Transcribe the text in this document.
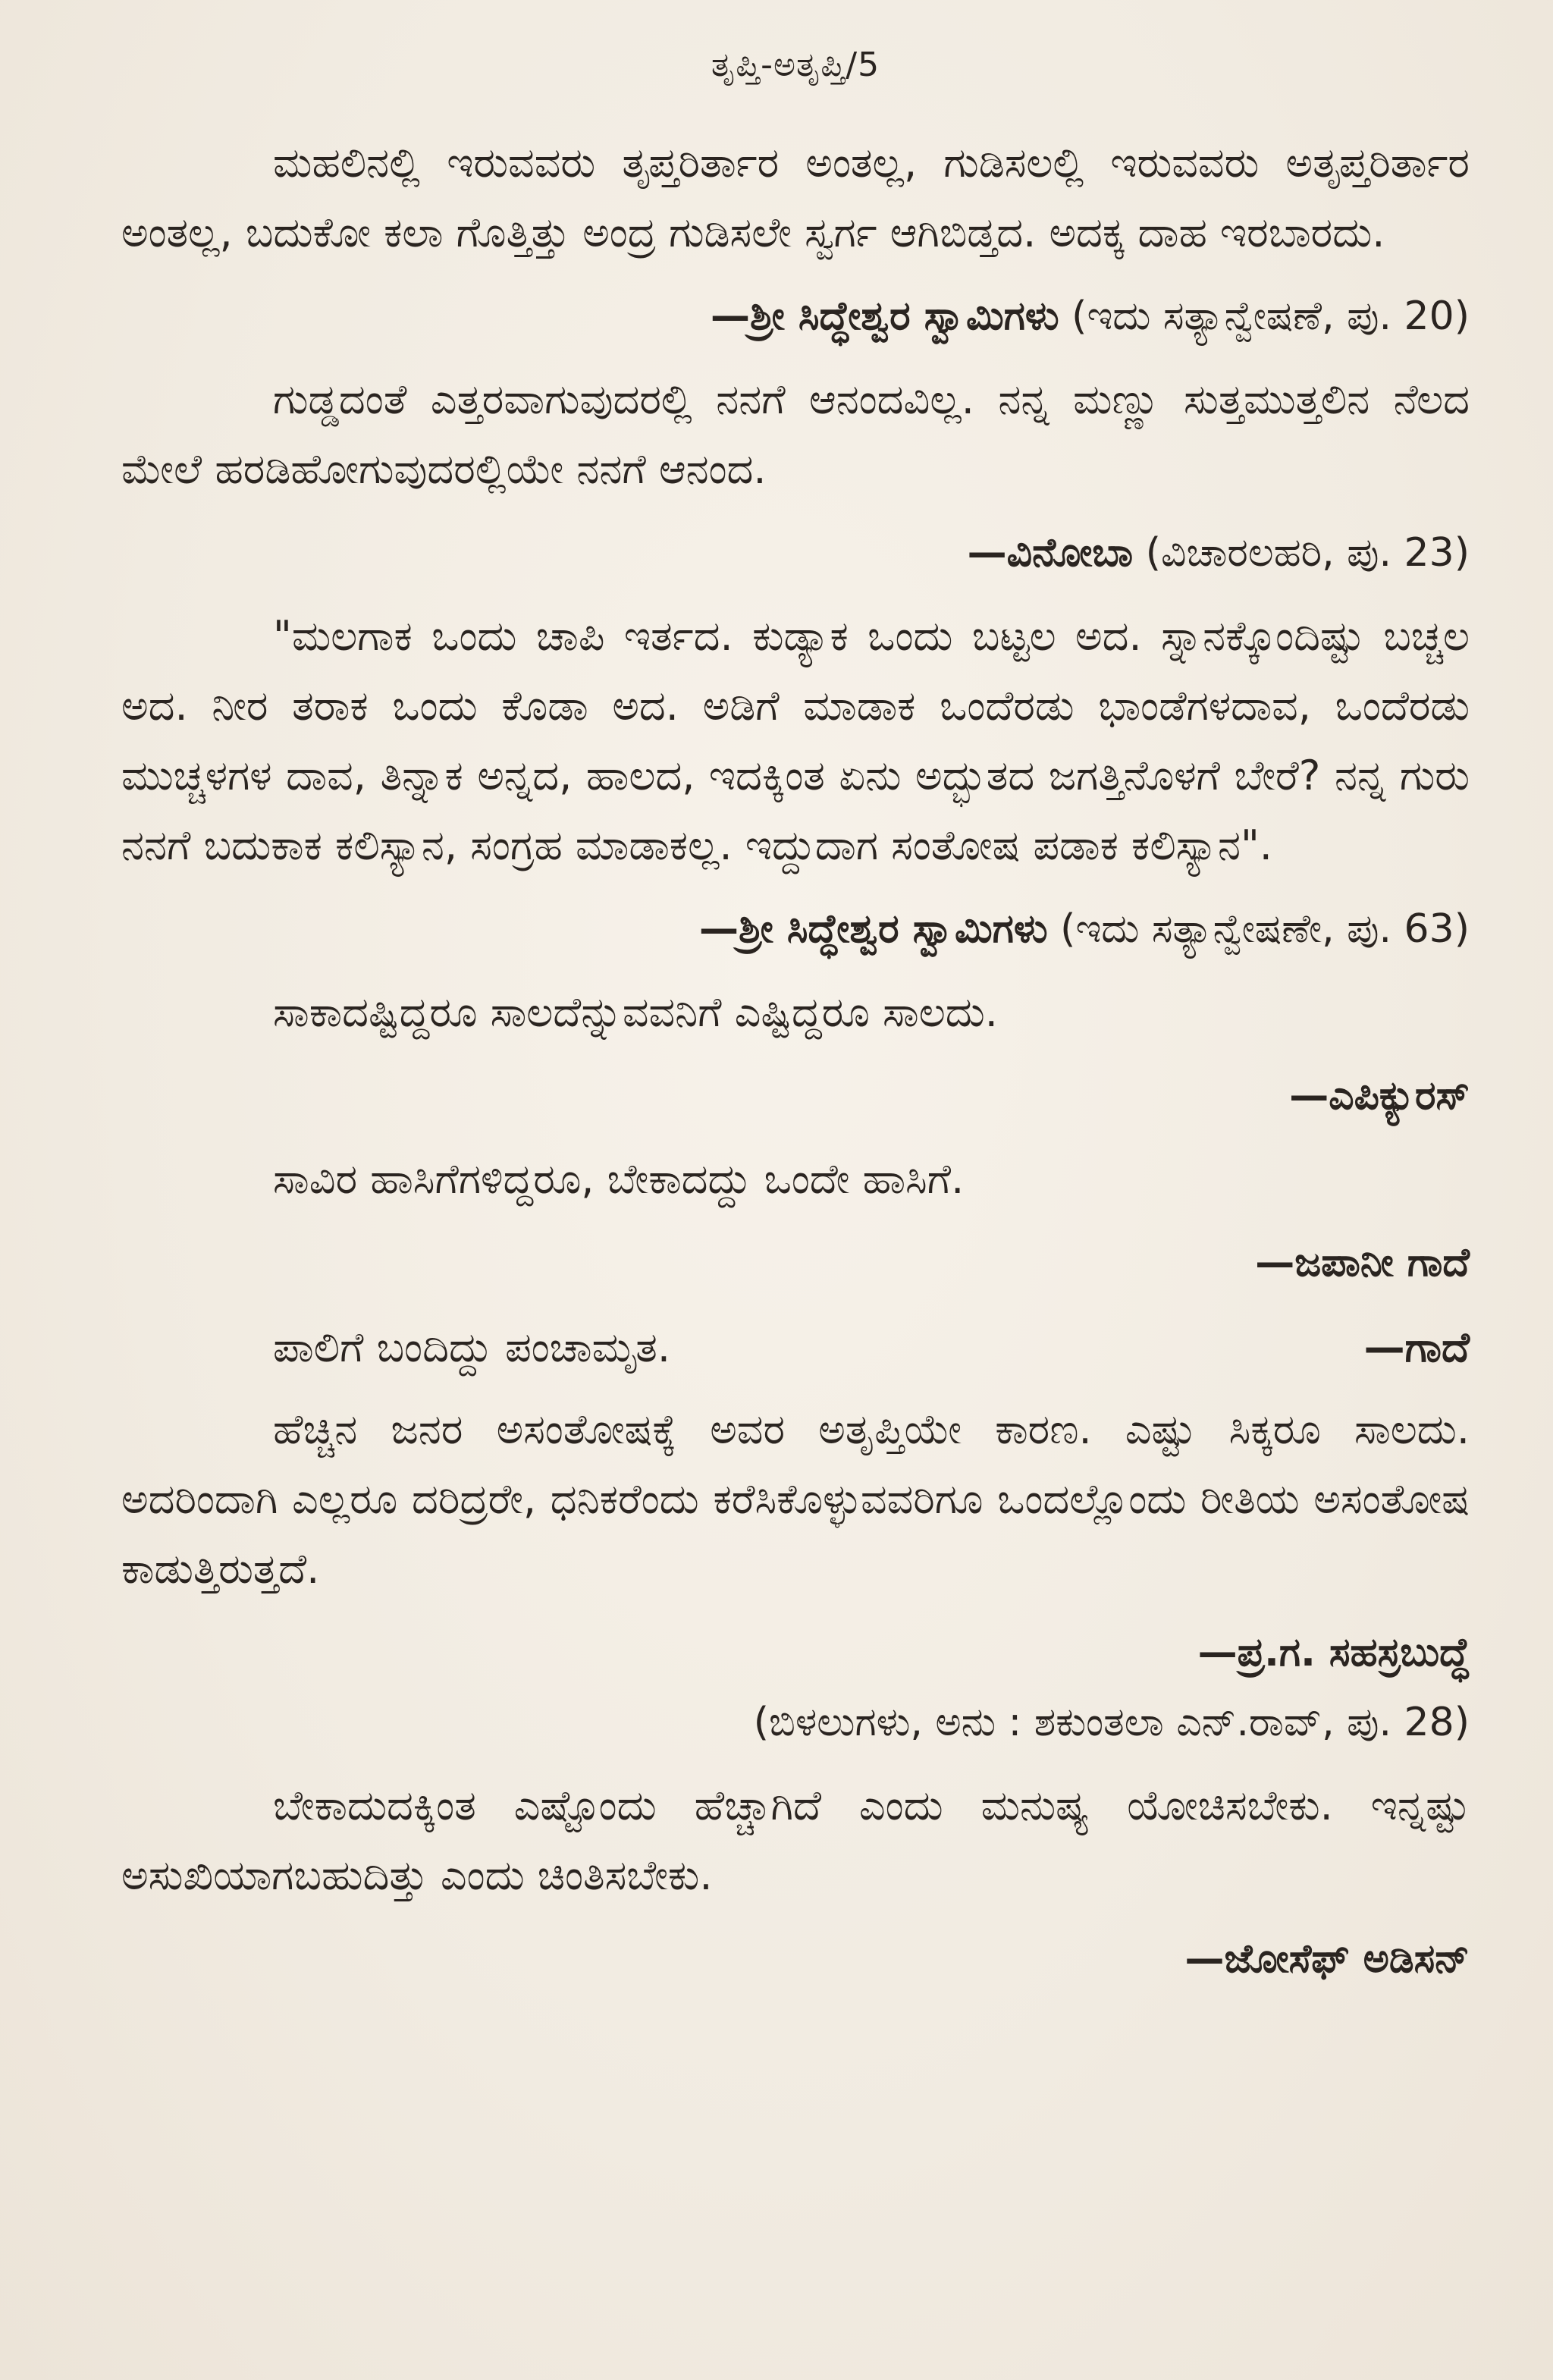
ತೃಪ್ತಿ-ಅತೃಪ್ತಿ/5

ಮಹಲಿನಲ್ಲಿ ಇರುವವರು ತೃಪ್ತರಿರ್ತಾರ ಅಂತಲ್ಲ, ಗುಡಿಸಲಲ್ಲಿ ಇರುವವರು ಅತೃಪ್ತರಿರ್ತಾರ ಅಂತಲ್ಲ, ಬದುಕೋ ಕಲಾ ಗೊತ್ತಿತ್ತು ಅಂದ್ರ ಗುಡಿಸಲೇ ಸ್ವರ್ಗ ಆಗಿಬಿಡ್ತದ. ಅದಕ್ಕ ದಾಹ ಇರಬಾರದು.

—ಶ್ರೀ ಸಿದ್ಧೇಶ್ವರ ಸ್ವಾಮಿಗಳು (ಇದು ಸತ್ಯಾನ್ವೇಷಣೆ, ಪು. 20)

ಗುಡ್ಡದಂತೆ ಎತ್ತರವಾಗುವುದರಲ್ಲಿ ನನಗೆ ಆನಂದವಿಲ್ಲ. ನನ್ನ ಮಣ್ಣು ಸುತ್ತಮುತ್ತಲಿನ ನೆಲದ ಮೇಲೆ ಹರಡಿಹೋಗುವುದರಲ್ಲಿಯೇ ನನಗೆ ಆನಂದ.

—ವಿನೋಬಾ (ವಿಚಾರಲಹರಿ, ಪು. 23)

"ಮಲಗಾಕ ಒಂದು ಚಾಪಿ ಇರ್ತದ. ಕುಡ್ಯಾಕ ಒಂದು ಬಟ್ಟಲ ಅದ. ಸ್ನಾನಕ್ಕೊಂದಿಷ್ಟು ಬಚ್ಚಲ ಅದ. ನೀರ ತರಾಕ ಒಂದು ಕೊಡಾ ಅದ. ಅಡಿಗೆ ಮಾಡಾಕ ಒಂದೆರಡು ಭಾಂಡೆಗಳದಾವ, ಒಂದೆರಡು ಮುಚ್ಚಳಗಳ ದಾವ, ತಿನ್ನಾಕ ಅನ್ನದ, ಹಾಲದ, ಇದಕ್ಕಿಂತ ಏನು ಅದ್ಭುತದ ಜಗತ್ತಿನೊಳಗೆ ಬೇರೆ? ನನ್ನ ಗುರು ನನಗೆ ಬದುಕಾಕ ಕಲಿಸ್ಯಾನ, ಸಂಗ್ರಹ ಮಾಡಾಕಲ್ಲ. ಇದ್ದುದಾಗ ಸಂತೋಷ ಪಡಾಕ ಕಲಿಸ್ಯಾನ".

—ಶ್ರೀ ಸಿದ್ಧೇಶ್ವರ ಸ್ವಾಮಿಗಳು (ಇದು ಸತ್ಯಾನ್ವೇಷಣೇ, ಪು. 63)

ಸಾಕಾದಷ್ಟಿದ್ದರೂ ಸಾಲದೆನ್ನುವವನಿಗೆ ಎಷ್ಟಿದ್ದರೂ ಸಾಲದು.

—ಎಪಿಕ್ಯುರಸ್

ಸಾವಿರ ಹಾಸಿಗೆಗಳಿದ್ದರೂ, ಬೇಕಾದದ್ದು ಒಂದೇ ಹಾಸಿಗೆ.

—ಜಪಾನೀ ಗಾದೆ
ಪಾಲಿಗೆ ಬಂದಿದ್ದು ಪಂಚಾಮೃತ.	—ಗಾದೆ

ಹೆಚ್ಚಿನ ಜನರ ಅಸಂತೋಷಕ್ಕೆ ಅವರ ಅತೃಪ್ತಿಯೇ ಕಾರಣ. ಎಷ್ಟು ಸಿಕ್ಕರೂ ಸಾಲದು. ಅದರಿಂದಾಗಿ ಎಲ್ಲರೂ ದರಿದ್ರರೇ, ಧನಿಕರೆಂದು ಕರೆಸಿಕೊಳ್ಳುವವರಿಗೂ ಒಂದಲ್ಲೊಂದು ರೀತಿಯ ಅಸಂತೋಷ ಕಾಡುತ್ತಿರುತ್ತದೆ.

—ಪ್ರ.ಗ. ಸಹಸ್ರಬುದ್ಧೆ
(ಬಿಳಲುಗಳು, ಅನು : ಶಕುಂತಲಾ ಎನ್.ರಾವ್, ಪು. 28)

ಬೇಕಾದುದಕ್ಕಿಂತ ಎಷ್ಟೊಂದು ಹೆಚ್ಚಾಗಿದೆ ಎಂದು ಮನುಷ್ಯ ಯೋಚಿಸಬೇಕು. ಇನ್ನಷ್ಟು ಅಸುಖಿಯಾಗಬಹುದಿತ್ತು ಎಂದು ಚಿಂತಿಸಬೇಕು.

—ಜೋಸೆಫ್ ಅಡಿಸನ್
